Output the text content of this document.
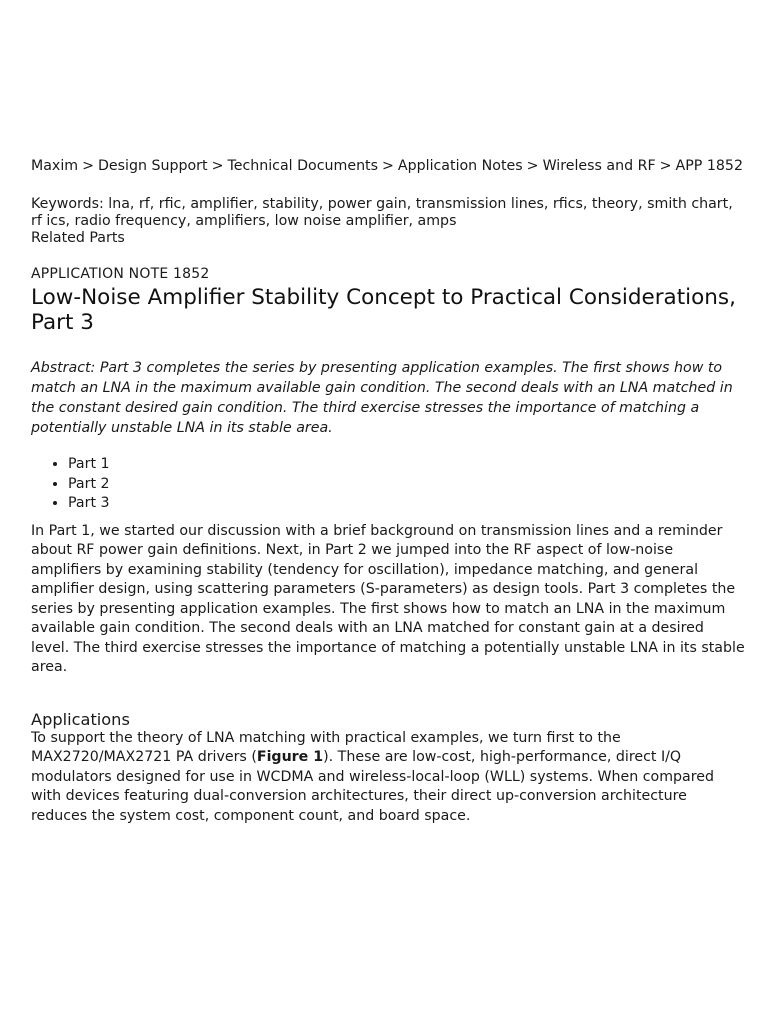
Maxim > Design Support > Technical Documents > Application Notes > Wireless and RF > APP 1852
Keywords: lna, rf, rfic, amplifier, stability, power gain, transmission lines, rfics, theory, smith chart, rf ics, radio frequency, amplifiers, low noise amplifier, amps
Related Parts
APPLICATION NOTE 1852
Low-Noise Amplifier Stability Concept to Practical Considerations, Part 3

Abstract: Part 3 completes the series by presenting application examples. The first shows how to match an LNA in the maximum available gain condition. The second deals with an LNA matched in the constant desired gain condition. The third exercise stresses the importance of matching a potentially unstable LNA in its stable area.

• Part 1
• Part 2
• Part 3

In Part 1, we started our discussion with a brief background on transmission lines and a reminder about RF power gain definitions. Next, in Part 2 we jumped into the RF aspect of low-noise amplifiers by examining stability (tendency for oscillation), impedance matching, and general amplifier design, using scattering parameters (S-parameters) as design tools. Part 3 completes the series by presenting application examples. The first shows how to match an LNA in the maximum available gain condition. The second deals with an LNA matched for constant gain at a desired level. The third exercise stresses the importance of matching a potentially unstable LNA in its stable area.

Applications

To support the theory of LNA matching with practical examples, we turn first to the MAX2720/MAX2721 PA drivers (Figure 1). These are low-cost, high-performance, direct I/Q modulators designed for use in WCDMA and wireless-local-loop (WLL) systems. When compared with devices featuring dual-conversion architectures, their direct up-conversion architecture reduces the system cost, component count, and board space.
